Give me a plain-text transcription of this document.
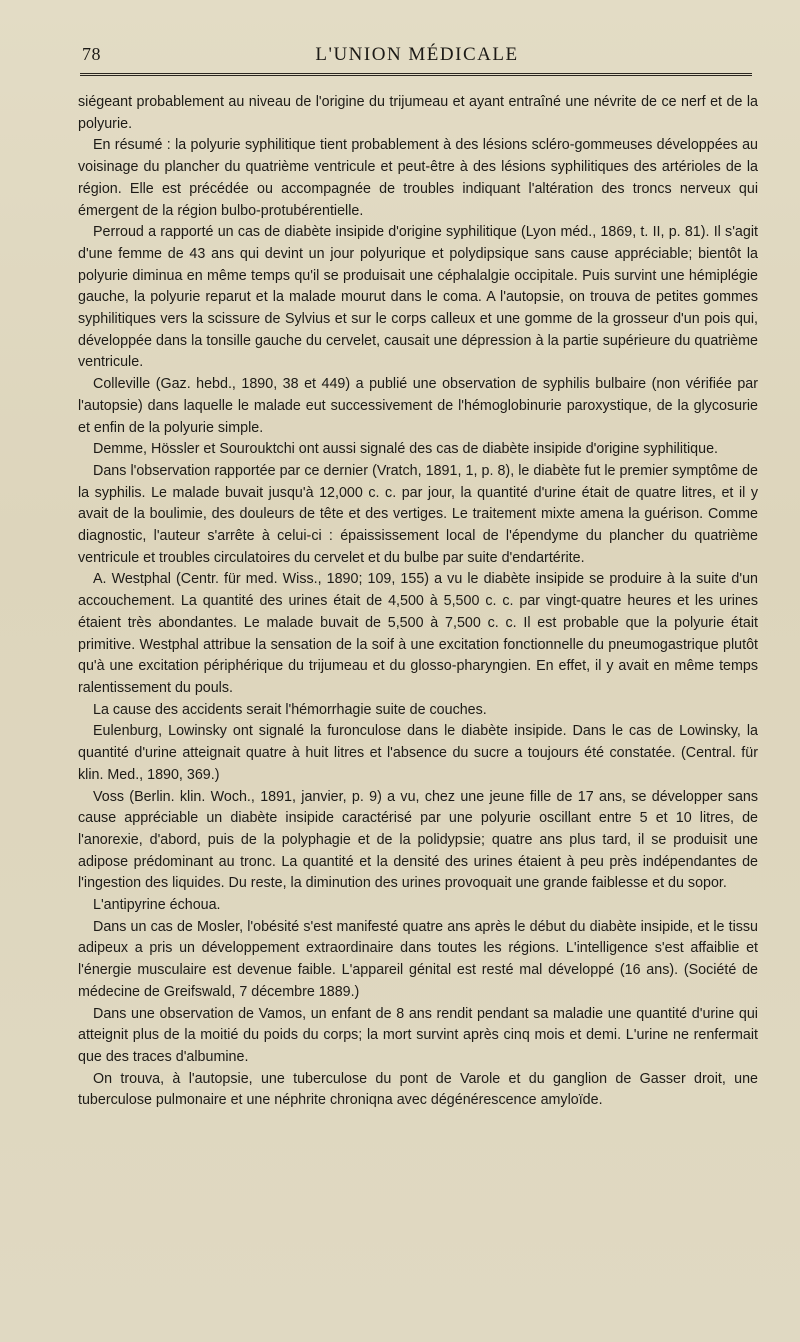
78	L'UNION MÉDICALE

siégeant probablement au niveau de l'origine du trijumeau et ayant entraîné une névrite de ce nerf et de la polyurie.

En résumé : la polyurie syphilitique tient probablement à des lésions scléro-gommeuses développées au voisinage du plancher du quatrième ventricule et peut-être à des lésions syphilitiques des artérioles de la région. Elle est précédée ou accompagnée de troubles indiquant l'altération des troncs nerveux qui émergent de la région bulbo-protubérentielle.

Perroud a rapporté un cas de diabète insipide d'origine syphilitique (Lyon méd., 1869, t. II, p. 81). Il s'agit d'une femme de 43 ans qui devint un jour polyurique et polydipsique sans cause appréciable; bientôt la polyurie diminua en même temps qu'il se produisait une céphalalgie occipitale. Puis survint une hémiplégie gauche, la polyurie reparut et la malade mourut dans le coma. A l'autopsie, on trouva de petites gommes syphilitiques vers la scissure de Sylvius et sur le corps calleux et une gomme de la grosseur d'un pois qui, développée dans la tonsille gauche du cervelet, causait une dépression à la partie supérieure du quatrième ventricule.

Colleville (Gaz. hebd., 1890, 38 et 449) a publié une observation de syphilis bulbaire (non vérifiée par l'autopsie) dans laquelle le malade eut successivement de l'hémoglobinurie paroxystique, de la glycosurie et enfin de la polyurie simple.

Demme, Hössler et Sourouktchi ont aussi signalé des cas de diabète insipide d'origine syphilitique.

Dans l'observation rapportée par ce dernier (Vratch, 1891, 1, p. 8), le diabète fut le premier symptôme de la syphilis. Le malade buvait jusqu'à 12,000 c. c. par jour, la quantité d'urine était de quatre litres, et il y avait de la boulimie, des douleurs de tête et des vertiges. Le traitement mixte amena la guérison. Comme diagnostic, l'auteur s'arrête à celui-ci : épaississement local de l'épendyme du plancher du quatrième ventricule et troubles circulatoires du cervelet et du bulbe par suite d'endartérite.

A. Westphal (Centr. für med. Wiss., 1890; 109, 155) a vu le diabète insipide se produire à la suite d'un accouchement. La quantité des urines était de 4,500 à 5,500 c. c. par vingt-quatre heures et les urines étaient très abondantes. Le malade buvait de 5,500 à 7,500 c. c. Il est probable que la polyurie était primitive. Westphal attribue la sensation de la soif à une excitation fonctionnelle du pneumogastrique plutôt qu'à une excitation périphérique du trijumeau et du glosso-pharyngien. En effet, il y avait en même temps ralentissement du pouls.

La cause des accidents serait l'hémorrhagie suite de couches.

Eulenburg, Lowinsky ont signalé la furonculose dans le diabète insipide. Dans le cas de Lowinsky, la quantité d'urine atteignait quatre à huit litres et l'absence du sucre a toujours été constatée. (Central. für klin. Med., 1890, 369.)

Voss (Berlin. klin. Woch., 1891, janvier, p. 9) a vu, chez une jeune fille de 17 ans, se développer sans cause appréciable un diabète insipide caractérisé par une polyurie oscillant entre 5 et 10 litres, de l'anorexie, d'abord, puis de la polyphagie et de la polidypsie; quatre ans plus tard, il se produisit une adipose prédominant au tronc. La quantité et la densité des urines étaient à peu près indépendantes de l'ingestion des liquides. Du reste, la diminution des urines provoquait une grande faiblesse et du sopor.

L'antipyrine échoua.

Dans un cas de Mosler, l'obésité s'est manifesté quatre ans après le début du diabète insipide, et le tissu adipeux a pris un développement extraordinaire dans toutes les régions. L'intelligence s'est affaiblie et l'énergie musculaire est devenue faible. L'appareil génital est resté mal développé (16 ans). (Société de médecine de Greifswald, 7 décembre 1889.)

Dans une observation de Vamos, un enfant de 8 ans rendit pendant sa maladie une quantité d'urine qui atteignit plus de la moitié du poids du corps; la mort survint après cinq mois et demi. L'urine ne renfermait que des traces d'albumine.

On trouva, à l'autopsie, une tuberculose du pont de Varole et du ganglion de Gasser droit, une tuberculose pulmonaire et une néphrite chroniqna avec dégénérescence amyloïde.
